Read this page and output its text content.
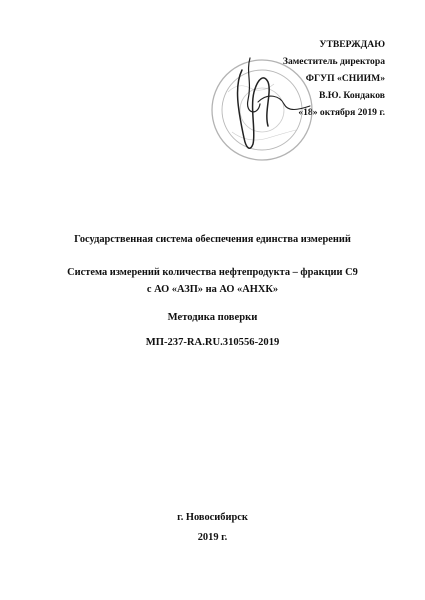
УТВЕРЖДАЮ
Заместитель директора
ФГУП «СНИИМ»
В.Ю. Кондаков
«18» октября 2019 г.
Государственная система обеспечения единства измерений
Система измерений количества нефтепродукта – фракции С9
с АО «АЗП» на АО «АНХК»
Методика поверки
МП-237-RA.RU.310556-2019
г. Новосибирск
2019 г.
